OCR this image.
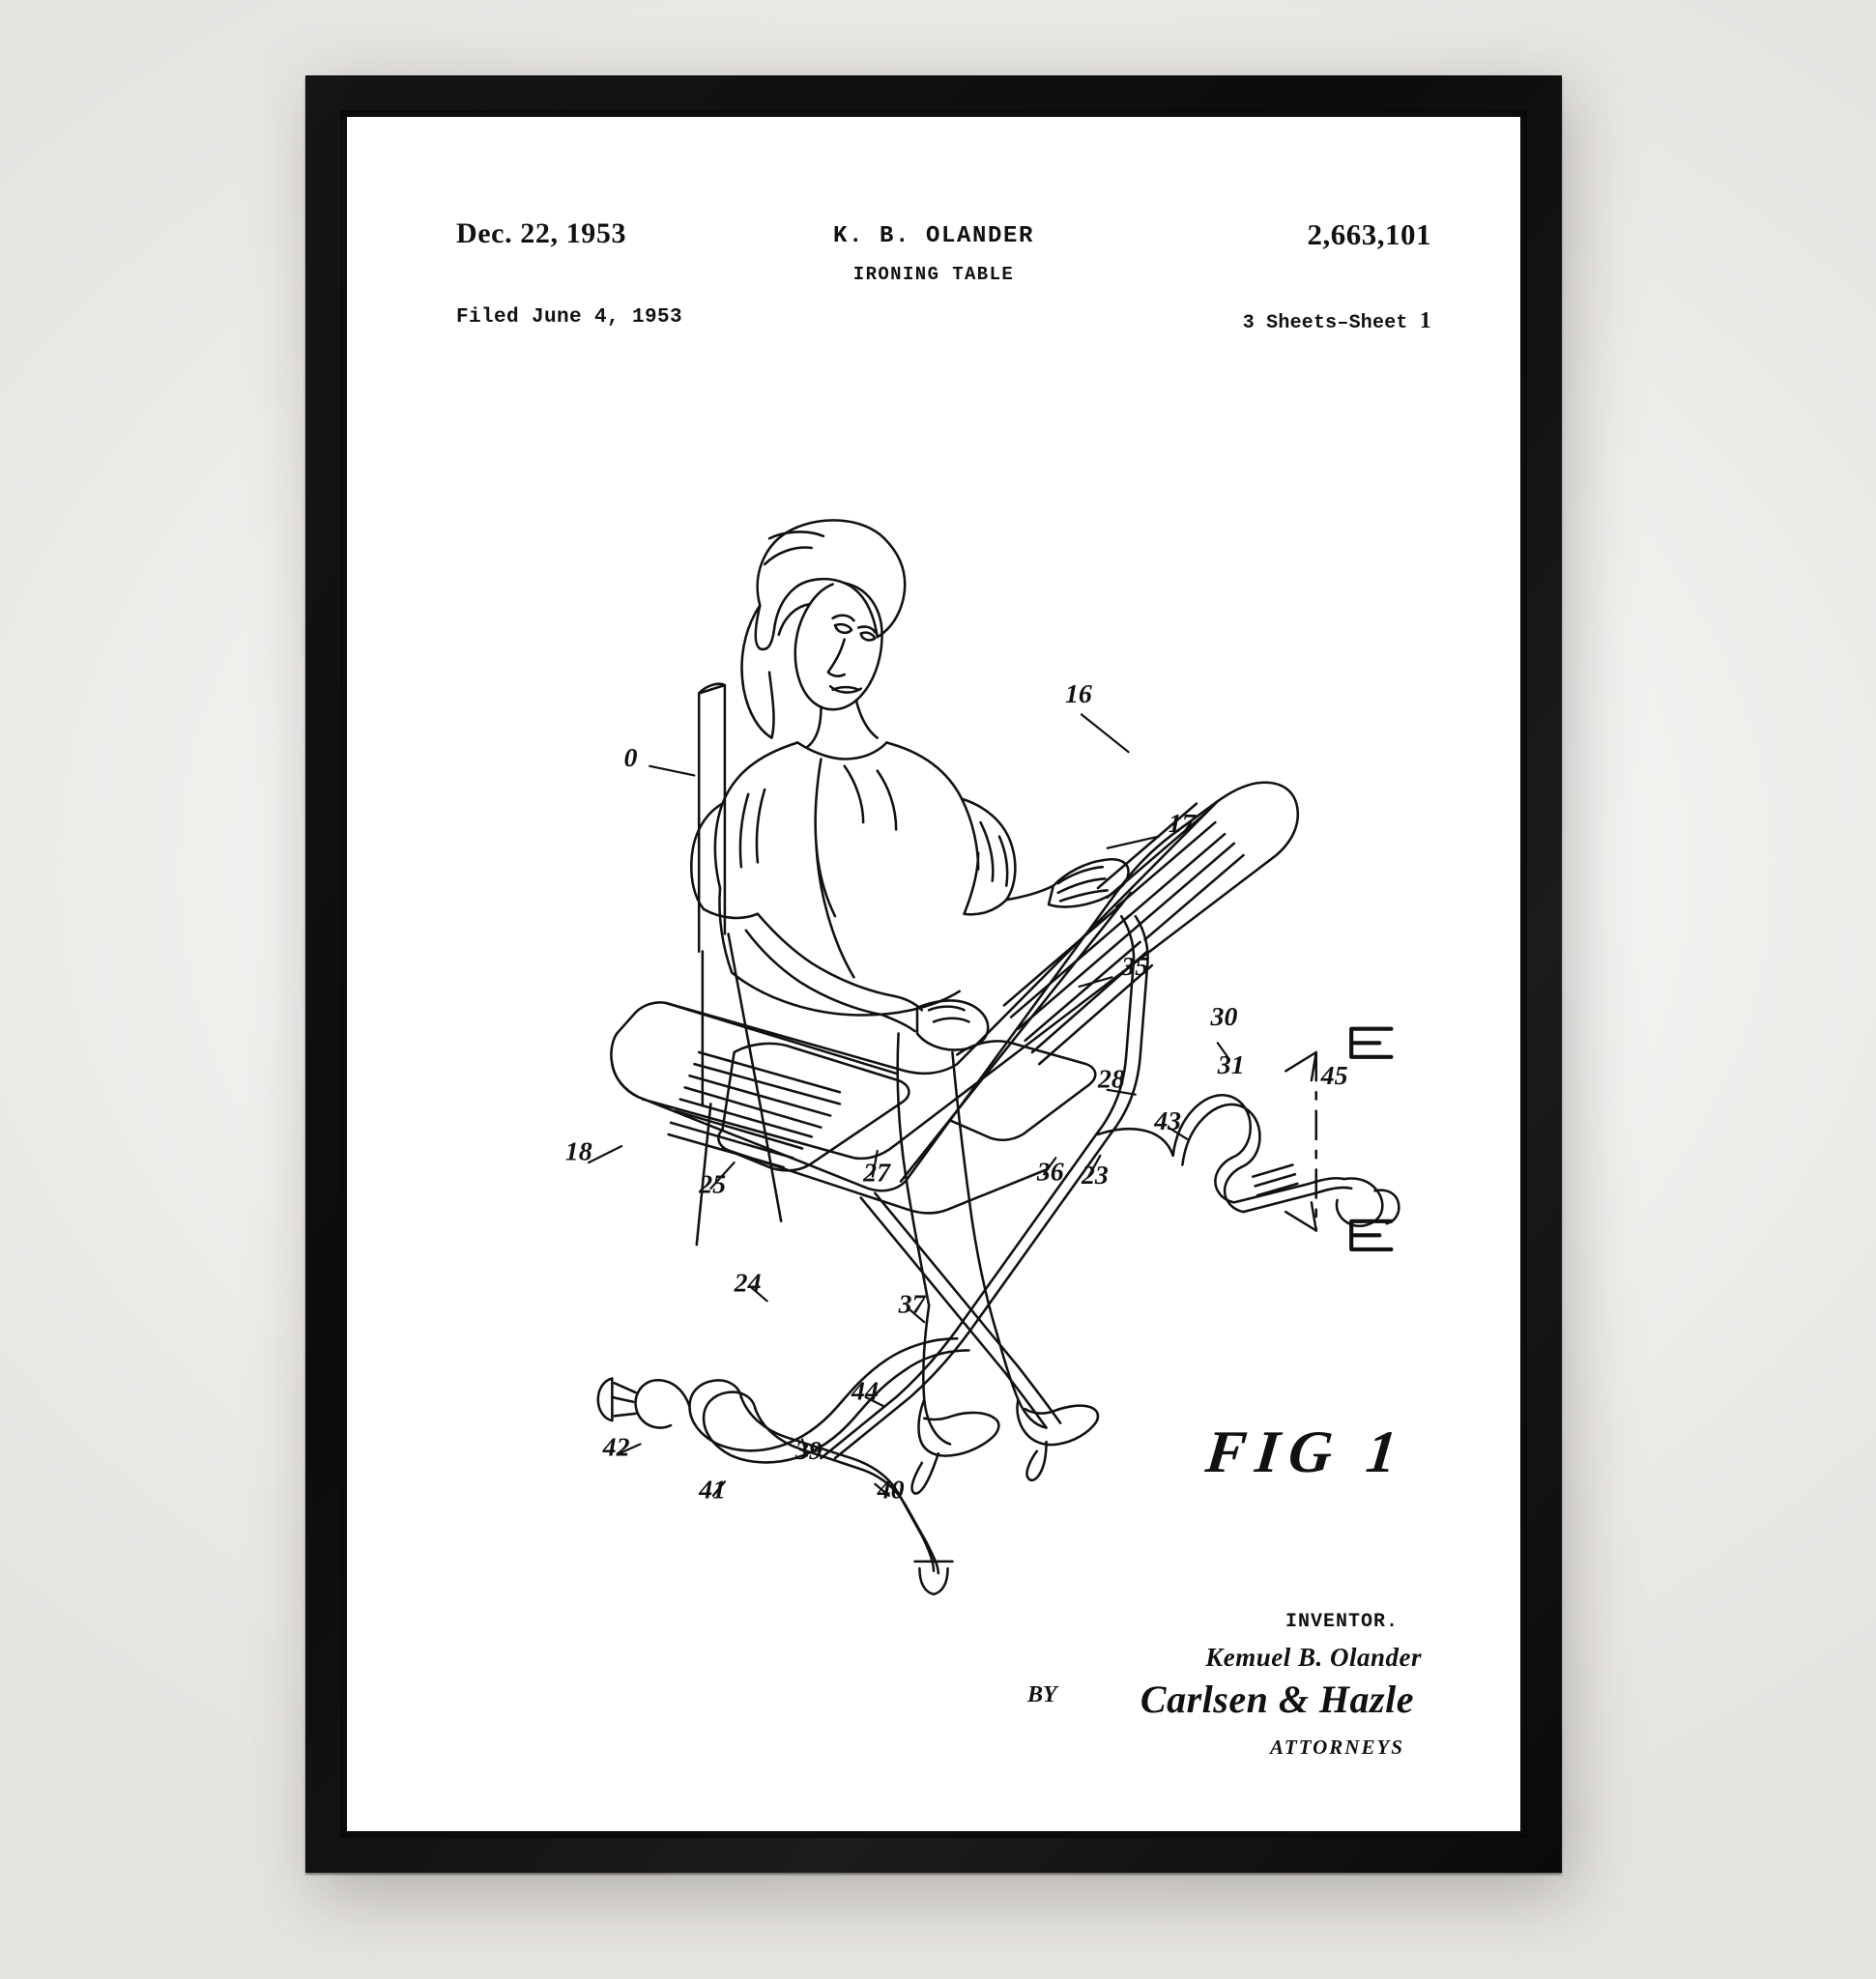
Dec. 22, 1953	K. B. OLANDER
IRONING TABLE
2,663,101
Filed June 4, 1953	3 Sheets–Sheet 1
0
16
17
35
30
31	45
28
43
18
25	27	36 23
24
37
44
42	39
41	40
FIG 1
INVENTOR.
Kemuel B. Olander
BY	Carlsen & Hazle
ATTORNEYS
